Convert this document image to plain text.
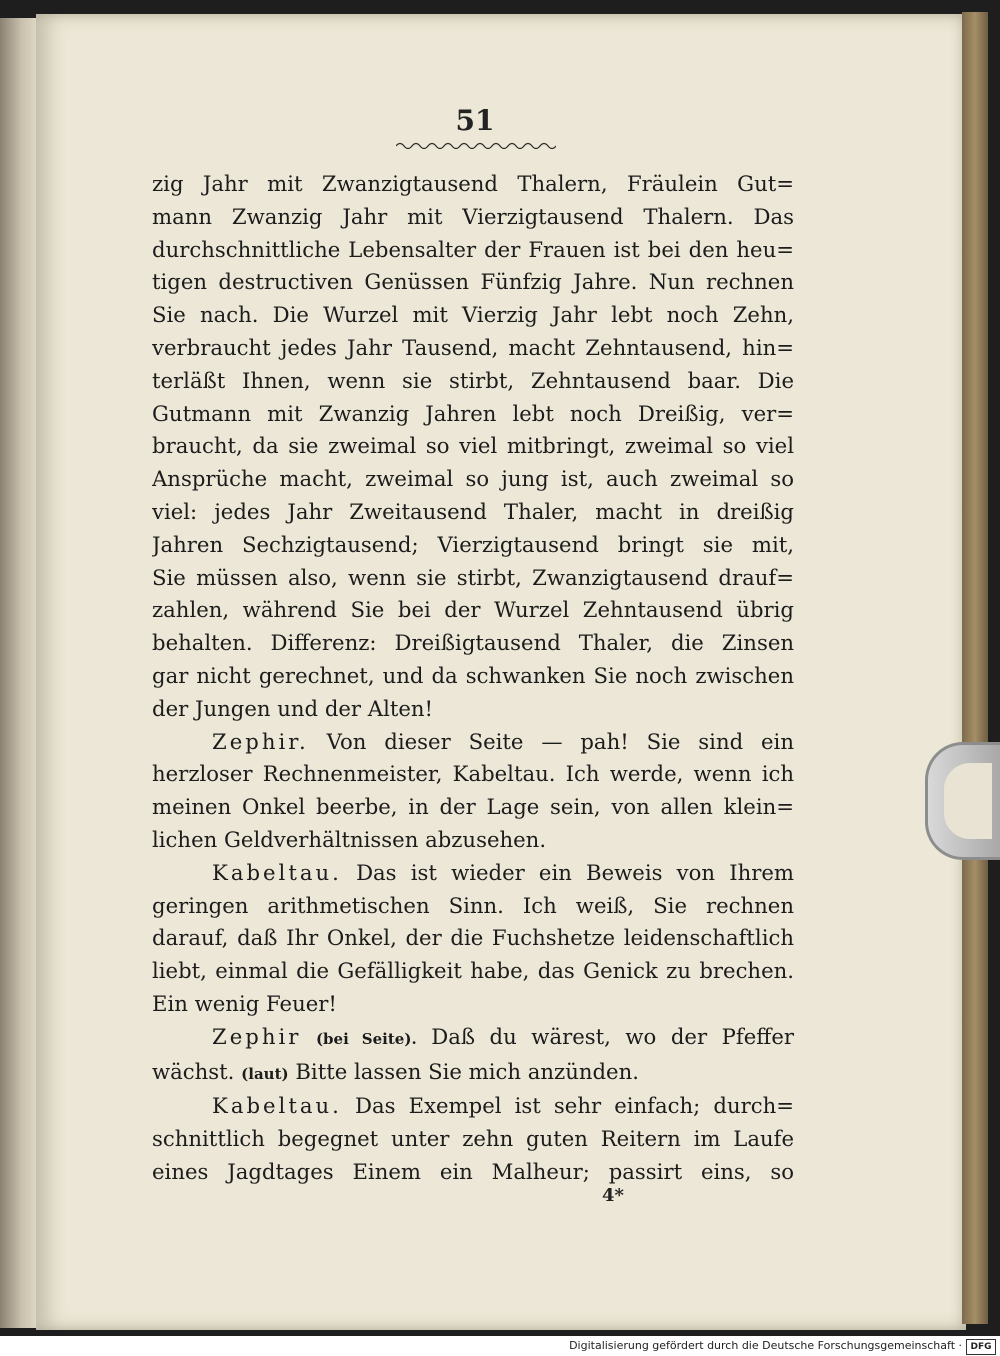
51
zig Jahr mit Zwanzigtausend Thalern, Fräulein Gut=
mann Zwanzig Jahr mit Vierzigtausend Thalern. Das
durchschnittliche Lebensalter der Frauen ist bei den heu=
tigen destructiven Genüssen Fünfzig Jahre. Nun rechnen
Sie nach. Die Wurzel mit Vierzig Jahr lebt noch Zehn,
verbraucht jedes Jahr Tausend, macht Zehntausend, hin=
terläßt Ihnen, wenn sie stirbt, Zehntausend baar. Die
Gutmann mit Zwanzig Jahren lebt noch Dreißig, ver=
braucht, da sie zweimal so viel mitbringt, zweimal so viel
Ansprüche macht, zweimal so jung ist, auch zweimal so
viel: jedes Jahr Zweitausend Thaler, macht in dreißig
Jahren Sechzigtausend; Vierzigtausend bringt sie mit,
Sie müssen also, wenn sie stirbt, Zwanzigtausend drauf=
zahlen, während Sie bei der Wurzel Zehntausend übrig
behalten. Differenz: Dreißigtausend Thaler, die Zinsen
gar nicht gerechnet, und da schwanken Sie noch zwischen
der Jungen und der Alten!
Zephir. Von dieser Seite — pah! Sie sind ein
herzloser Rechnenmeister, Kabeltau. Ich werde, wenn ich
meinen Onkel beerbe, in der Lage sein, von allen klein=
lichen Geldverhältnissen abzusehen.
Kabeltau. Das ist wieder ein Beweis von Ihrem
geringen arithmetischen Sinn. Ich weiß, Sie rechnen
darauf, daß Ihr Onkel, der die Fuchshetze leidenschaftlich
liebt, einmal die Gefälligkeit habe, das Genick zu brechen.
Ein wenig Feuer!
Zephir (bei Seite). Daß du wärest, wo der Pfeffer
wächst. (laut) Bitte lassen Sie mich anzünden.
Kabeltau. Das Exempel ist sehr einfach; durch=
schnittlich begegnet unter zehn guten Reitern im Laufe
eines Jagdtages Einem ein Malheur; passirt eins, so
4*
Digitalisierung gefördert durch die Deutsche Forschungsgemeinschaft · DFG
